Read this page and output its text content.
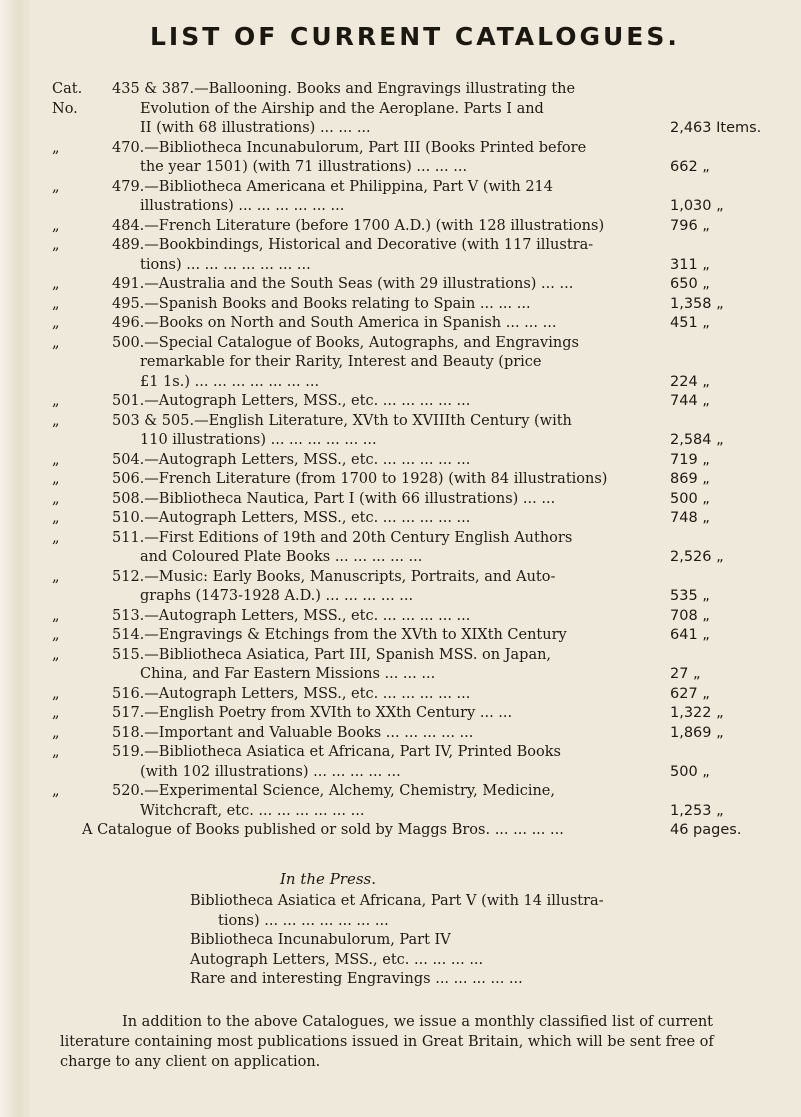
LIST OF CURRENT CATALOGUES.
Cat. No.
435 & 387.—Ballooning. Books and Engravings illustrating the
Evolution of the Airship and the Aeroplane. Parts I and
II (with 68 illustrations) ... ... ...	2,463 Items.
„	470.—Bibliotheca Incunabulorum, Part III (Books Printed before
the year 1501) (with 71 illustrations) ... ... ...	662 „
„	479.—Bibliotheca Americana et Philippina, Part V (with 214
illustrations) ... ... ... ... ... ...	1,030 „
„	484.—French Literature (before 1700 A.D.) (with 128 illustrations)	796 „
„	489.—Bookbindings, Historical and Decorative (with 117 illustra-
tions) ... ... ... ... ... ... ...	311 „
„	491.—Australia and the South Seas (with 29 illustrations) ... ...	650 „
„	495.—Spanish Books and Books relating to Spain ... ... ...	1,358 „
„	496.—Books on North and South America in Spanish ... ... ...	451 „
„	500.—Special Catalogue of Books, Autographs, and Engravings
remarkable for their Rarity, Interest and Beauty (price
£1 1s.) ... ... ... ... ... ... ...	224 „
„	501.—Autograph Letters, MSS., etc. ... ... ... ... ...	744 „
„	503 & 505.—English Literature, XVth to XVIIIth Century (with
110 illustrations) ... ... ... ... ... ...	2,584 „
„	504.—Autograph Letters, MSS., etc. ... ... ... ... ...	719 „
„	506.—French Literature (from 1700 to 1928) (with 84 illustrations)	869 „
„	508.—Bibliotheca Nautica, Part I (with 66 illustrations) ... ...	500 „
„	510.—Autograph Letters, MSS., etc. ... ... ... ... ...	748 „
„	511.—First Editions of 19th and 20th Century English Authors
and Coloured Plate Books ... ... ... ... ...	2,526 „
„	512.—Music: Early Books, Manuscripts, Portraits, and Auto-
graphs (1473-1928 A.D.) ... ... ... ... ...	535 „
„	513.—Autograph Letters, MSS., etc. ... ... ... ... ...	708 „
„	514.—Engravings & Etchings from the XVth to XIXth Century	641 „
„	515.—Bibliotheca Asiatica, Part III, Spanish MSS. on Japan,
China, and Far Eastern Missions ... ... ...	27 „
„	516.—Autograph Letters, MSS., etc. ... ... ... ... ...	627 „
„	517.—English Poetry from XVIth to XXth Century ... ...	1,322 „
„	518.—Important and Valuable Books ... ... ... ... ...	1,869 „
„	519.—Bibliotheca Asiatica et Africana, Part IV, Printed Books
(with 102 illustrations) ... ... ... ... ...	500 „
„	520.—Experimental Science, Alchemy, Chemistry, Medicine,
Witchcraft, etc. ... ... ... ... ... ...	1,253 „
A Catalogue of Books published or sold by Maggs Bros. ... ... ... ...	46 pages.
In the Press.
Bibliotheca Asiatica et Africana, Part V (with 14 illustra-
tions) ... ... ... ... ... ... ...
Bibliotheca Incunabulorum, Part IV
Autograph Letters, MSS., etc. ... ... ... ...
Rare and interesting Engravings ... ... ... ... ...
In addition to the above Catalogues, we issue a monthly classified list of current
literature containing most publications issued in Great Britain, which will be sent free of
charge to any client on application.
